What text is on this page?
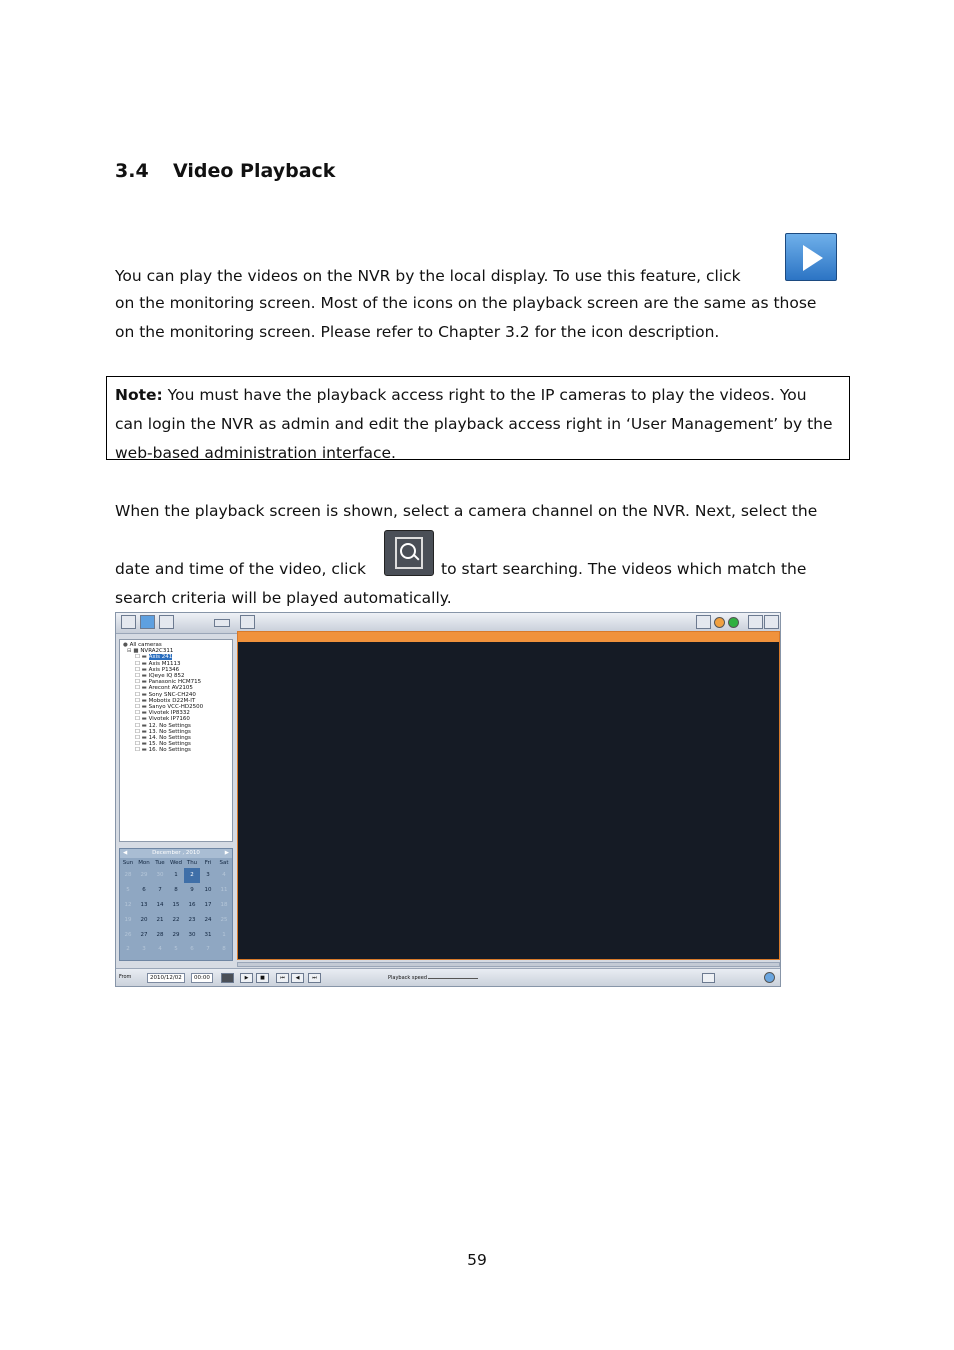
3.4 Video Playback

You can play the videos on the NVR by the local display. To use this feature, click

on the monitoring screen. Most of the icons on the playback screen are the same as those

on the monitoring screen. Please refer to Chapter 3.2 for the icon description.

Note: You must have the playback access right to the IP cameras to play the videos. You
can login the NVR as admin and edit the playback access right in ‘User Management’ by the
web-based administration interface.

When the playback screen is shown, select a camera channel on the NVR. Next, select the

date and time of the video, click	to start searching. The videos which match the

search criteria will be played automatically.

● All cameras
⊟ ■ NVRA2C311
☐ ▬ Axis 241
☐ ▬ Axis M1113
☐ ▬ Axis P1346
☐ ▬ IQeye IQ 852
☐ ▬ Panasonic HCM715
☐ ▬ Arecont AV2105
☐ ▬ Sony SNC-CH240
☐ ▬ Mobotix D22M-IT
☐ ▬ Sanyo VCC-HD2500
☐ ▬ Vivotek IP8332
☐ ▬ Vivotek IP7160
☐ ▬ 12. No Settings
☐ ▬ 13. No Settings
☐ ▬ 14. No Settings
☐ ▬ 15. No Settings
☐ ▬ 16. No Settings
◀	December , 2010	▶
Sun Mon	Tue Wed Thu	Fri	Sat
28	29	30	1	2	3	4
5	6	7	8	9	10	11
12	13	14	15	16	17	18
19	20	21	22	23	24	25
26	27	28	29	30	31	1
2	3	4	5	6	7	8
From	2010/12/02	00:00	▶	■	⏮	◀	⏭	Playback speed
59
